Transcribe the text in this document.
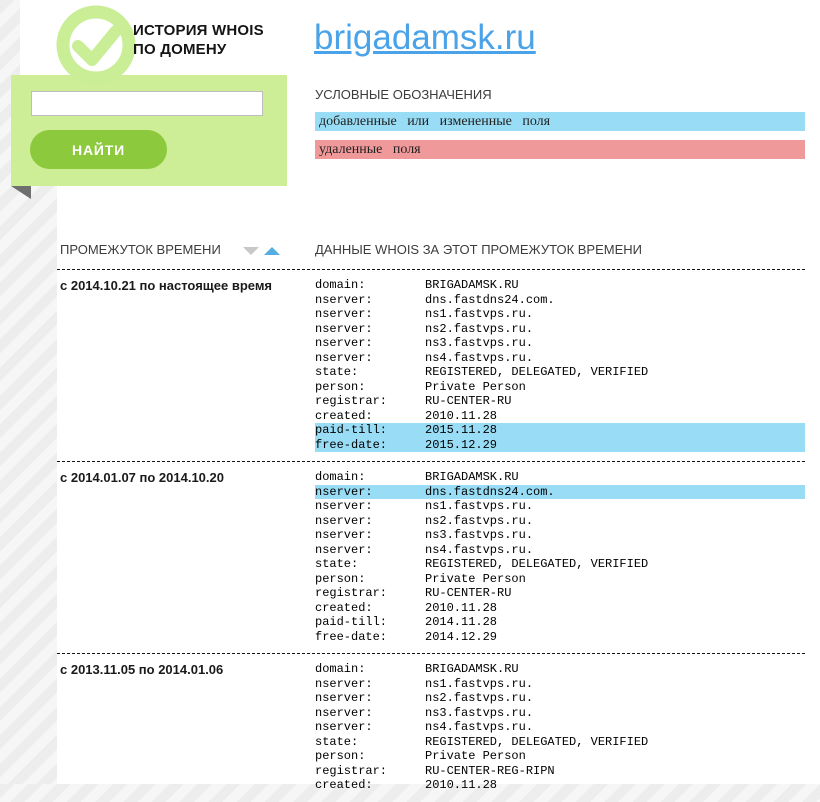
ИСТОРИЯ WHOIS
ПО ДОМЕНУ
НАЙТИ
brigadamsk.ru
УСЛОВНЫЕ ОБОЗНАЧЕНИЯ
добавленные или измененные поля
удаленные поля
ПРОМЕЖУТОК ВРЕМЕНИ	ДАННЫЕ WHOIS ЗА ЭТОТ ПРОМЕЖУТОК ВРЕМЕНИ
с 2014.10.21 по настоящее время	domain:	BRIGADAMSK.RU
nserver:	dns.fastdns24.com.
nserver:	ns1.fastvps.ru.
nserver:	ns2.fastvps.ru.
nserver:	ns3.fastvps.ru.
nserver:	ns4.fastvps.ru.
state:	REGISTERED, DELEGATED, VERIFIED
person:	Private Person
registrar:	RU-CENTER-RU
created:	2010.11.28
paid-till:	2015.11.28
free-date:	2015.12.29
с 2014.01.07 по 2014.10.20	domain:	BRIGADAMSK.RU
nserver:	dns.fastdns24.com.
nserver:	ns1.fastvps.ru.
nserver:	ns2.fastvps.ru.
nserver:	ns3.fastvps.ru.
nserver:	ns4.fastvps.ru.
state:	REGISTERED, DELEGATED, VERIFIED
person:	Private Person
registrar:	RU-CENTER-RU
created:	2010.11.28
paid-till:	2014.11.28
free-date:	2014.12.29
с 2013.11.05 по 2014.01.06	domain:	BRIGADAMSK.RU
nserver:	ns1.fastvps.ru.
nserver:	ns2.fastvps.ru.
nserver:	ns3.fastvps.ru.
nserver:	ns4.fastvps.ru.
state:	REGISTERED, DELEGATED, VERIFIED
person:	Private Person
registrar:	RU-CENTER-REG-RIPN
created:	2010.11.28
